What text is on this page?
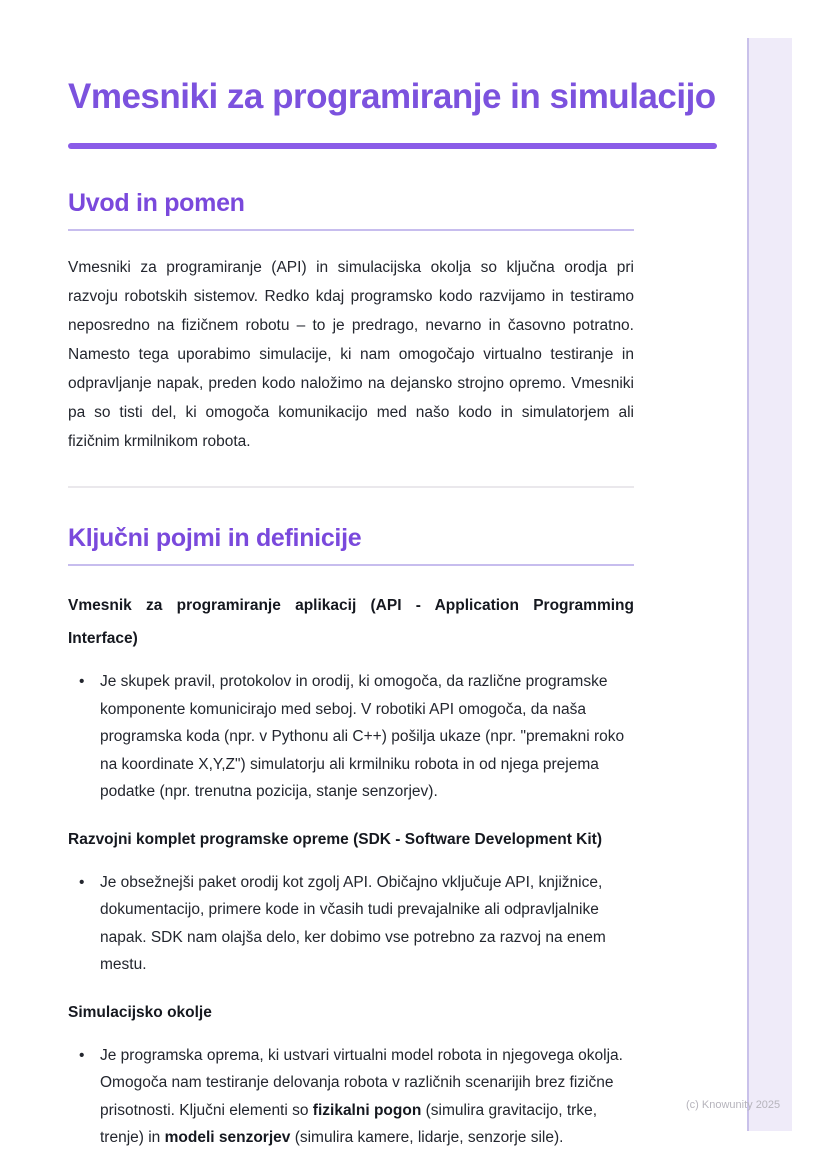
Vmesniki za programiranje in simulacijo
Uvod in pomen

Vmesniki za programiranje (API) in simulacijska okolja so ključna orodja pri razvoju robotskih sistemov. Redko kdaj programsko kodo razvijamo in testiramo neposredno na fizičnem robotu – to je predrago, nevarno in časovno potratno. Namesto tega uporabimo simulacije, ki nam omogočajo virtualno testiranje in odpravljanje napak, preden kodo naložimo na dejansko strojno opremo. Vmesniki pa so tisti del, ki omogoča komunikacijo med našo kodo in simulatorjem ali fizičnim krmilnikom robota.

Ključni pojmi in definicije
Vmesnik za programiranje aplikacij (API - Application Programming Interface)
• Je skupek pravil, protokolov in orodij, ki omogoča, da različne programske komponente komunicirajo med seboj. V robotiki API omogoča, da naša programska koda (npr. v Pythonu ali C++) pošilja ukaze (npr. "premakni roko na koordinate X,Y,Z") simulatorju ali krmilniku robota in od njega prejema podatke (npr. trenutna pozicija, stanje senzorjev).
Razvojni komplet programske opreme (SDK - Software Development Kit)
• Je obsežnejši paket orodij kot zgolj API. Običajno vključuje API, knjižnice, dokumentacijo, primere kode in včasih tudi prevajalnike ali odpravljalnike napak. SDK nam olajša delo, ker dobimo vse potrebno za razvoj na enem mestu.
Simulacijsko okolje
• Je programska oprema, ki ustvari virtualni model robota in njegovega okolja. Omogoča nam testiranje delovanja robota v različnih scenarijih brez fizične prisotnosti. Ključni elementi so fizikalni pogon (simulira gravitacijo, trke, trenje) in modeli senzorjev (simulira kamere, lidarje, senzorje sile).
(c) Knowunity 2025
